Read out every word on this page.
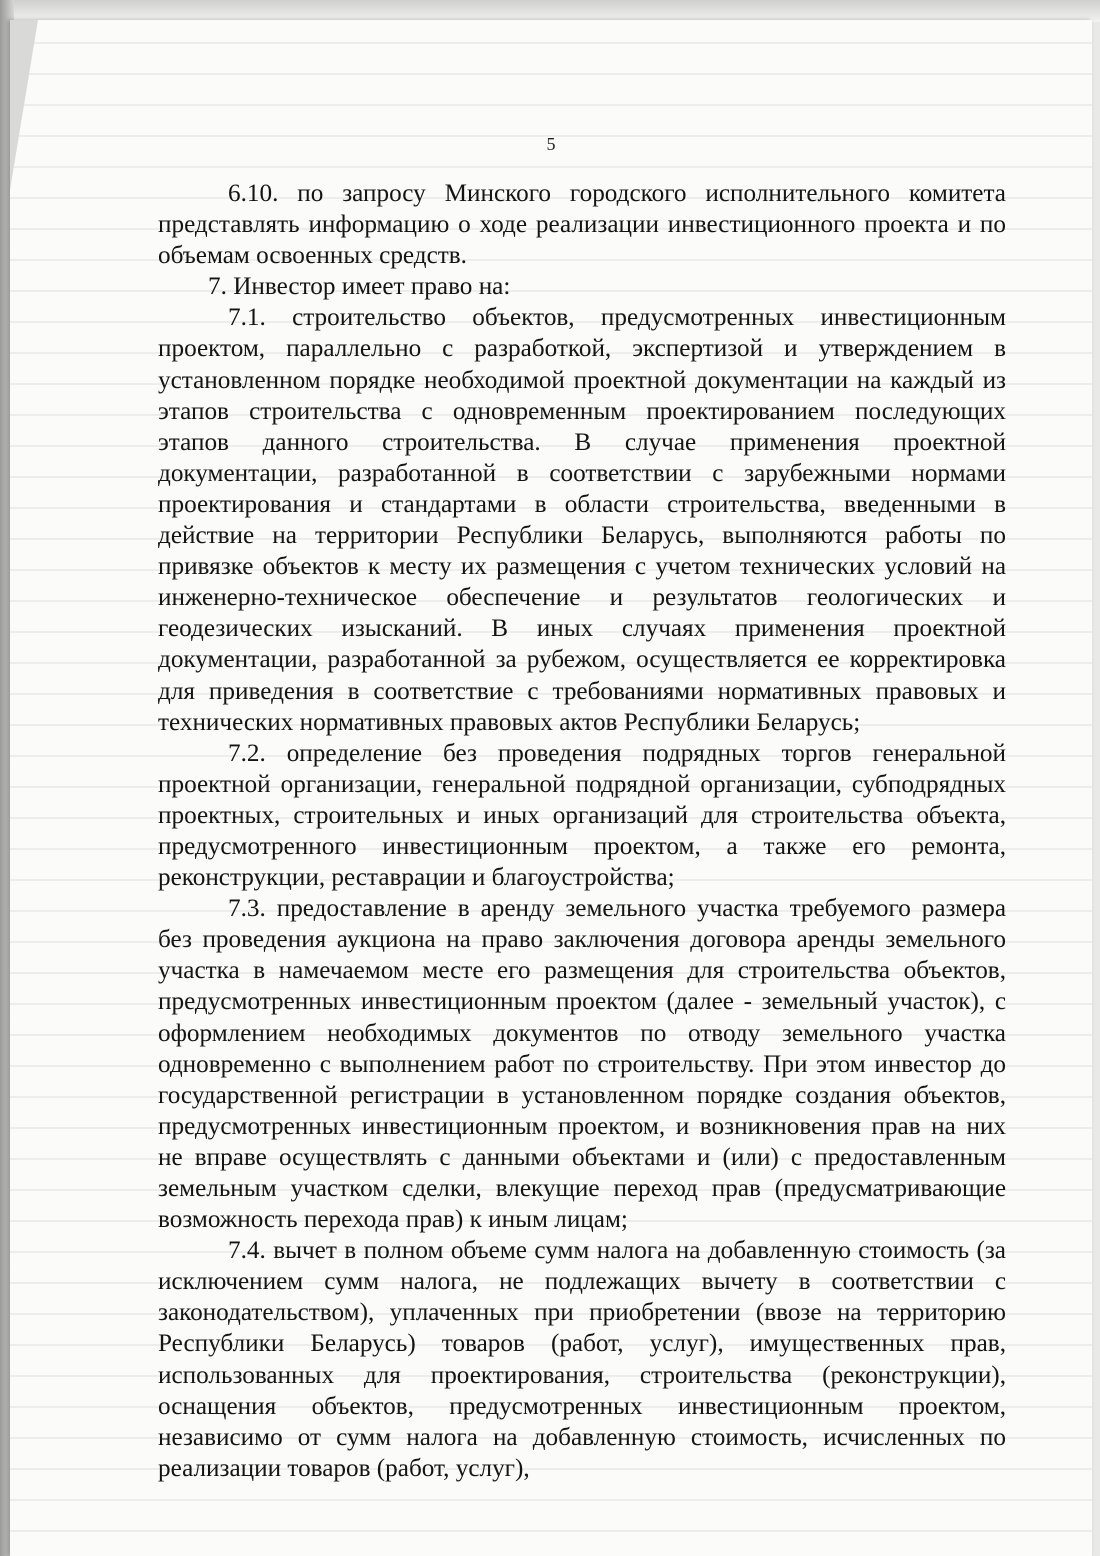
5

6.10. по запросу Минского городского исполнительного комитета представлять информацию о ходе реализации инвестиционного проекта и по объемам освоенных средств.

7. Инвестор имеет право на:

7.1. строительство объектов, предусмотренных инвестиционным проектом, параллельно с разработкой, экспертизой и утверждением в установленном порядке необходимой проектной документации на каждый из этапов строительства с одновременным проектированием последующих этапов данного строительства. В случае применения проектной документации, разработанной в соответствии с зарубежными нормами проектирования и стандартами в области строительства, введенными в действие на территории Республики Беларусь, выполняются работы по привязке объектов к месту их размещения с учетом технических условий на инженерно-техническое обеспечение и результатов геологических и геодезических изысканий. В иных случаях применения проектной документации, разработанной за рубежом, осуществляется ее корректировка для приведения в соответствие с требованиями нормативных правовых и технических нормативных правовых актов Республики Беларусь;

7.2. определение без проведения подрядных торгов генеральной проектной организации, генеральной подрядной организации, субподрядных проектных, строительных и иных организаций для строительства объекта, предусмотренного инвестиционным проектом, а также его ремонта, реконструкции, реставрации и благоустройства;

7.3. предоставление в аренду земельного участка требуемого размера без проведения аукциона на право заключения договора аренды земельного участка в намечаемом месте его размещения для строительства объектов, предусмотренных инвестиционным проектом (далее - земельный участок), с оформлением необходимых документов по отводу земельного участка одновременно с выполнением работ по строительству. При этом инвестор до государственной регистрации в установленном порядке создания объектов, предусмотренных инвестиционным проектом, и возникновения прав на них не вправе осуществлять с данными объектами и (или) с предоставленным земельным участком сделки, влекущие переход прав (предусматривающие возможность перехода прав) к иным лицам;

7.4. вычет в полном объеме сумм налога на добавленную стоимость (за исключением сумм налога, не подлежащих вычету в соответствии с законодательством), уплаченных при приобретении (ввозе на территорию Республики Беларусь) товаров (работ, услуг), имущественных прав, использованных для проектирования, строительства (реконструкции), оснащения объектов, предусмотренных инвестиционным проектом, независимо от сумм налога на добавленную стоимость, исчисленных по реализации товаров (работ, услуг),
